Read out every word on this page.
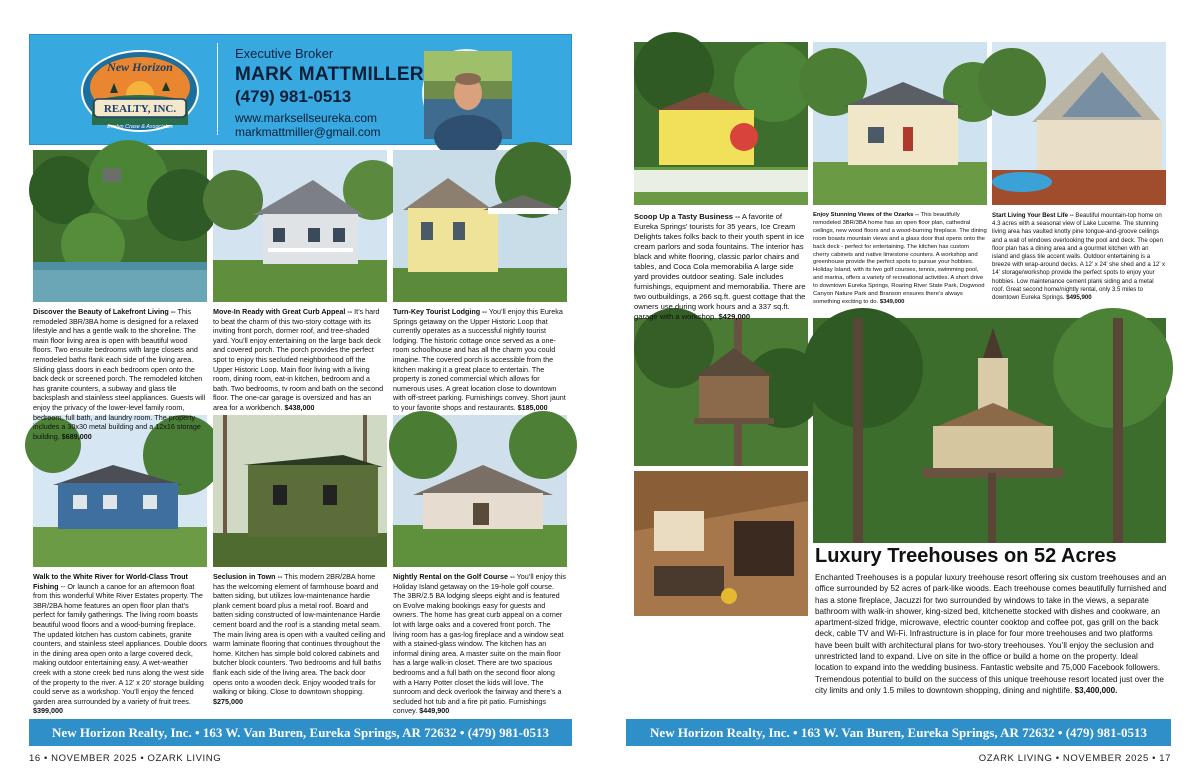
REALTY, INC.
New Horizon
Evelyn Crase & Associates
Executive Broker
MARK MATTMILLER
(479) 981-0513
www.marksellseureka.com
markmattmiller@gmail.com
Discover the Beauty of Lakefront Living -- This remodeled 3BR/3BA home is designed for a relaxed lifestyle and has a gentle walk to the shoreline. The main floor living area is open with beautiful wood floors. Two ensuite bedrooms with large closets and remodeled baths flank each side of the living area. Sliding glass doors in each bedroom open onto the back deck or screened porch. The remodeled kitchen has granite counters, a subway and glass tile backsplash and stainless steel appliances. Guests will enjoy the privacy of the lower-level family room, bedroom, full bath, and laundry room. The property includes a 30x30 metal building and a 12x16 storage building. $689,000
Move-In Ready with Great Curb Appeal -- It’s hard to beat the charm of this two-story cottage with its inviting front porch, dormer roof, and tree-shaded yard. You’ll enjoy entertaining on the large back deck and covered porch. The porch provides the perfect spot to enjoy this secluded neighborhood off the Upper Historic Loop. Main floor living with a living room, dining room, eat-in kitchen, bedroom and a bath. Two bedrooms, tv room and bath on the second floor. The one-car garage is oversized and has an area for a workbench. $438,000
Turn-Key Tourist Lodging -- You’ll enjoy this Eureka Springs getaway on the Upper Historic Loop that currently operates as a successful nightly tourist lodging. The historic cottage once served as a one-room schoolhouse and has all the charm you could imagine. The covered porch is accessible from the kitchen making it a great place to entertain. The property is zoned commercial which allows for numerous uses. A great location close to downtown with off-street parking. Furnishings convey. Short jaunt to your favorite shops and restaurants. $185,000
Walk to the White River for World-Class Trout Fishing -- Or launch a canoe for an afternoon float from this wonderful White River Estates property. The 3BR/2BA home features an open floor plan that’s perfect for family gatherings. The living room boasts beautiful wood floors and a wood-burning fireplace. The updated kitchen has custom cabinets, granite counters, and stainless steel appliances. Double doors in the dining area open onto a large covered deck, making outdoor entertaining easy. A wet-weather creek with a stone creek bed runs along the west side of the property to the river. A 12’ x 20’ storage building could serve as a workshop. You’ll enjoy the fenced garden area surrounded by a variety of fruit trees. $399,000
Seclusion in Town -- This modern 2BR/2BA home has the welcoming element of farmhouse board and batten siding, but utilizes low-maintenance hardie plank cement board plus a metal roof. Board and batten siding constructed of low-maintenance Hardie cement board and the roof is a standing metal seam. The main living area is open with a vaulted ceiling and warm laminate flooring that continues throughout the home. Kitchen has simple bold colored cabinets and butcher block counters. Two bedrooms and full baths flank each side of the living area. The back door opens onto a wooden deck. Enjoy wooded trails for walking or biking. Close to downtown shopping. $275,000
Nightly Rental on the Golf Course -- You’ll enjoy this Holiday Island getaway on the 19-hole golf course. The 3BR/2.5 BA lodging sleeps eight and is featured on Evolve making bookings easy for guests and owners. The home has great curb appeal on a corner lot with large oaks and a covered front porch. The living room has a gas-log fireplace and a window seat with a stained-glass window. The kitchen has an informal dining area. A master suite on the main floor has a large walk-in closet. There are two spacious bedrooms and a full bath on the second floor along with a Harry Potter closet the kids will love. The sunroom and deck overlook the fairway and there’s a secluded hot tub and a fire pit patio. Furnishings convey. $449,900
Scoop Up a Tasty Business -- A favorite of Eureka Springs’ tourists for 35 years, Ice Cream Delights takes folks back to their youth spent in ice cream parlors and soda fountains. The interior has black and white flooring, classic parlor chairs and tables, and Coca Cola memorabilia A large side yard provides outdoor seating. Sale includes furnishings, equipment and memorabilia. There are two outbuildings, a 266 sq.ft. guest cottage that the owners use during work hours and a 337 sq.ft. garage with a workshop. $429,000
Enjoy Stunning Views of the Ozarks -- This beautifully remodeled 3BR/3BA home has an open floor plan, cathedral ceilings, new wood floors and a wood-burning fireplace. The dining room boasts mountain views and a glass door that opens onto the back deck - perfect for entertaining. The kitchen has custom cherry cabinets and native limestone counters. A workshop and greenhouse provide the perfect spots to pursue your hobbies. Holiday Island, with its two golf courses, tennis, swimming pool, and marina, offers a variety of recreational activities. A short drive to downtown Eureka Springs, Roaring River State Park, Dogwood Canyon Nature Park and Branson ensures there’s always something exciting to do. $349,000
Start Living Your Best Life -- Beautiful mountain-top home on 4.3 acres with a seasonal view of Lake Lucerne. The stunning living area has vaulted knotty pine tongue-and-groove ceilings and a wall of windows overlooking the pool and deck. The open floor plan has a dining area and a gourmet kitchen with an island and glass tile accent walls. Outdoor entertaining is a breeze with wrap-around decks. A 12’ x 24’ she shed and a 12’ x 14’ storage/workshop provide the perfect spots to enjoy your hobbies. Low maintenance cement plank siding and a metal roof. Great second home/nightly rental, only 3.5 miles to downtown Eureka Springs. $495,900
Luxury Treehouses on 52 Acres
Enchanted Treehouses is a popular luxury treehouse resort offering six custom treehouses and an office surrounded by 52 acres of park-like woods. Each treehouse comes beautifully furnished and has a stone fireplace, Jacuzzi for two surrounded by windows to take in the views, a separate bathroom with walk-in shower, king-sized bed, kitchenette stocked with dishes and cookware, an apartment-sized fridge, microwave, electric counter cooktop and coffee pot, gas grill on the back deck, cable TV and Wi-Fi. Infrastructure is in place for four more treehouses and two platforms have been built with architectural plans for two-story treehouses. You’ll enjoy the seclusion and unrestricted land to expand. Live on site in the office or build a home on the property. Ideal location to expand into the wedding business. Fantastic website and 75,000 Facebook followers. Tremendous potential to build on the success of this unique treehouse resort located just over the city limits and only 1.5 miles to downtown shopping, dining and nightlife. $3,400,000.
New Horizon Realty, Inc. • 163 W. Van Buren, Eureka Springs, AR 72632 • (479) 981-0513	New Horizon Realty, Inc. • 163 W. Van Buren, Eureka Springs, AR 72632 • (479) 981-0513
16 • NOVEMBER 2025 • OZARK LIVING	OZARK LIVING • NOVEMBER 2025 • 17
